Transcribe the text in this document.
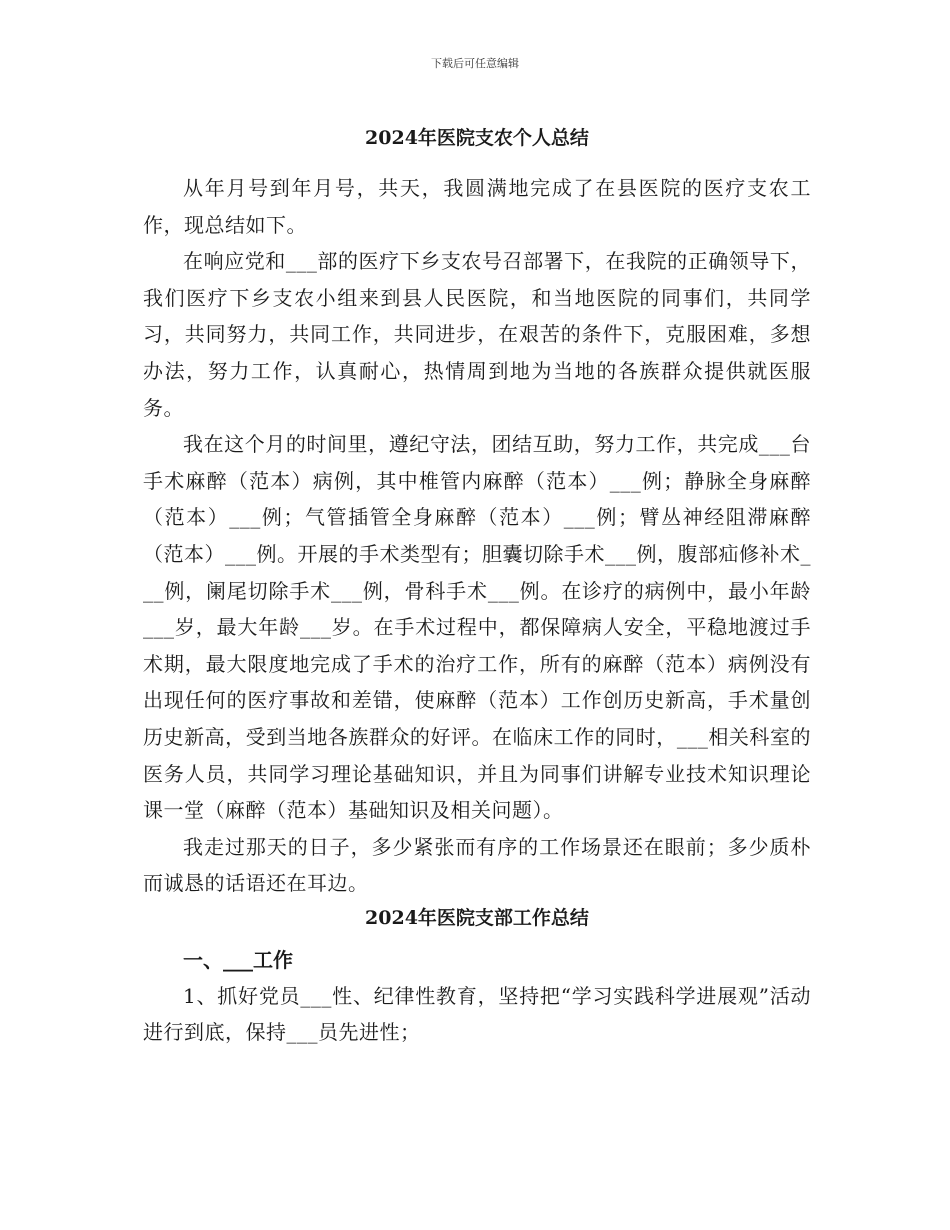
下载后可任意编辑
2024年医院支农个人总结

从年月号到年月号，共天，我圆满地完成了在县医院的医疗支农工作，现总结如下。

在响应党和___部的医疗下乡支农号召部署下，在我院的正确领导下，我们医疗下乡支农小组来到县人民医院，和当地医院的同事们，共同学习，共同努力，共同工作，共同进步，在艰苦的条件下，克服困难，多想办法，努力工作，认真耐心，热情周到地为当地的各族群众提供就医服务。

我在这个月的时间里，遵纪守法，团结互助，努力工作，共完成___台手术麻醉（范本）病例，其中椎管内麻醉（范本）___例；静脉全身麻醉（范本）___例；气管插管全身麻醉（范本）___例；臂丛神经阻滞麻醉（范本）___例。开展的手术类型有；胆囊切除手术___例，腹部疝修补术___例，阑尾切除手术___例，骨科手术___例。在诊疗的病例中，最小年龄___岁，最大年龄___岁。在手术过程中，都保障病人安全，平稳地渡过手术期，最大限度地完成了手术的治疗工作，所有的麻醉（范本）病例没有出现任何的医疗事故和差错，使麻醉（范本）工作创历史新高，手术量创历史新高，受到当地各族群众的好评。在临床工作的同时，___相关科室的医务人员，共同学习理论基础知识，并且为同事们讲解专业技术知识理论课一堂（麻醉（范本）基础知识及相关问题）。

我走过那天的日子，多少紧张而有序的工作场景还在眼前；多少质朴而诚恳的话语还在耳边。

2024年医院支部工作总结
一、___工作

1、抓好党员___性、纪律性教育，坚持把“学习实践科学进展观”活动进行到底，保持___员先进性；
